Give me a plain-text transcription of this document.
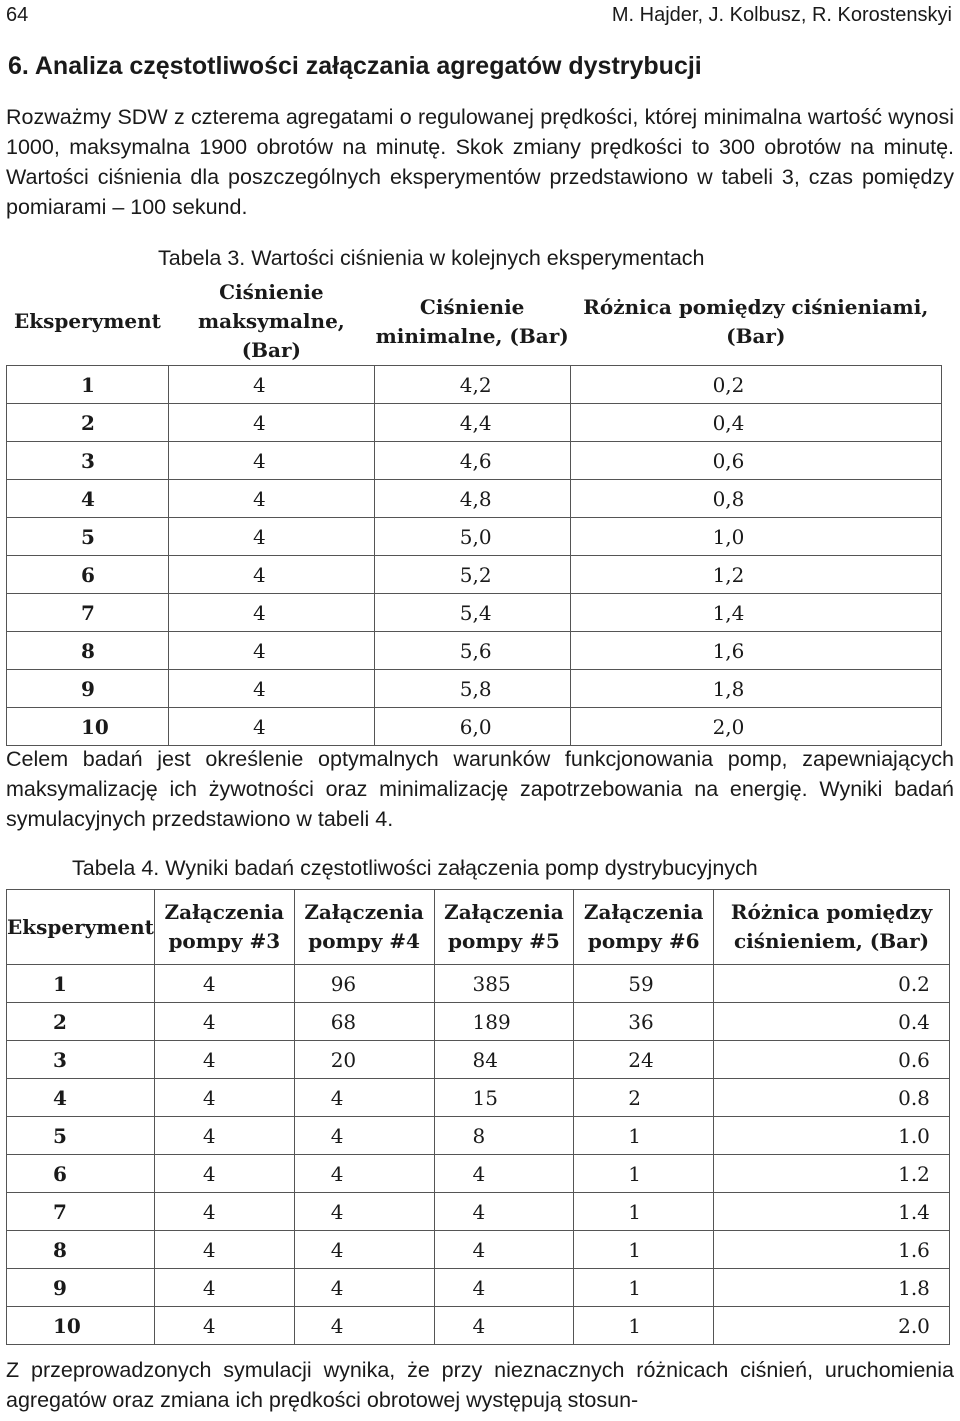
64	M. Hajder, J. Kolbusz, R. Korostenskyi
6. Analiza częstotliwości załączania agregatów dystrybucji

Rozważmy SDW z czterema agregatami o regulowanej prędkości, której minimalna wartość wynosi 1000, maksymalna 1900 obrotów na minutę. Skok zmiany prędkości to 300 obrotów na minutę. Wartości ciśnienia dla poszczególnych eksperymentów przedstawiono w tabeli 3, czas pomiędzy pomiarami – 100 sekund.

Tabela 3. Wartości ciśnienia w kolejnych eksperymentach
Eksperyment	Ciśnienie maksymalne, (Bar)	Ciśnienie minimalne, (Bar)	Różnica pomiędzy ciśnieniami, (Bar)
1	4	4,2	0,2
2	4	4,4	0,4
3	4	4,6	0,6
4	4	4,8	0,8
5	4	5,0	1,0
6	4	5,2	1,2
7	4	5,4	1,4
8	4	5,6	1,6
9	4	5,8	1,8
10	4	6,0	2,0

Celem badań jest określenie optymalnych warunków funkcjonowania pomp, zapewniających maksymalizację ich żywotności oraz minimalizację zapotrzebowania na energię. Wyniki badań symulacyjnych przedstawiono w tabeli 4.

Tabela 4. Wyniki badań częstotliwości załączenia pomp dystrybucyjnych
Eksperyment	Załączenia pompy #3	Załączenia pompy #4	Załączenia pompy #5	Załączenia pompy #6	Różnica pomiędzy ciśnieniem, (Bar)
1	4	96	385	59	0.2
2	4	68	189	36	0.4
3	4	20	84	24	0.6
4	4	4	15	2	0.8
5	4	4	8	1	1.0
6	4	4	4	1	1.2
7	4	4	4	1	1.4
8	4	4	4	1	1.6
9	4	4	4	1	1.8
10	4	4	4	1	2.0

Z przeprowadzonych symulacji wynika, że przy nieznacznych różnicach ciśnień, uruchomienia agregatów oraz zmiana ich prędkości obrotowej występują stosun-
